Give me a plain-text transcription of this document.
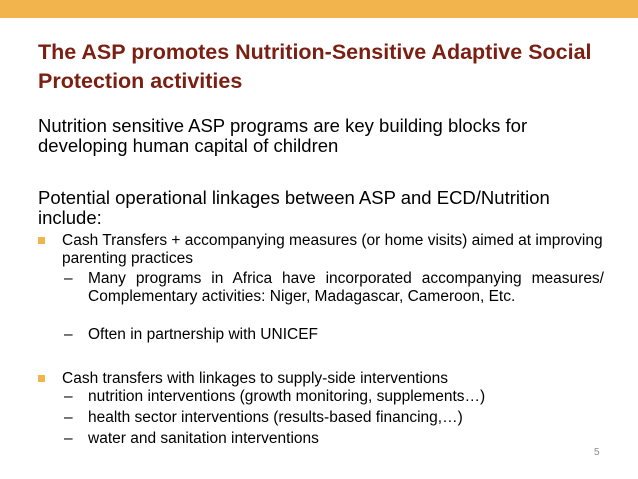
The ASP promotes Nutrition-Sensitive Adaptive Social Protection activities

Nutrition sensitive ASP programs are key building blocks for developing human capital of children

Potential operational linkages between ASP and ECD/Nutrition include:

Cash Transfers + accompanying measures (or home visits) aimed at improving parenting practices
– Many programs in Africa have incorporated accompanying measures/ Complementary activities: Niger, Madagascar, Cameroon, Etc.
– Often in partnership with UNICEF
Cash transfers with linkages to supply-side interventions
– nutrition interventions (growth monitoring, supplements…)
– health sector interventions (results-based financing,…)
– water and sanitation interventions
5
